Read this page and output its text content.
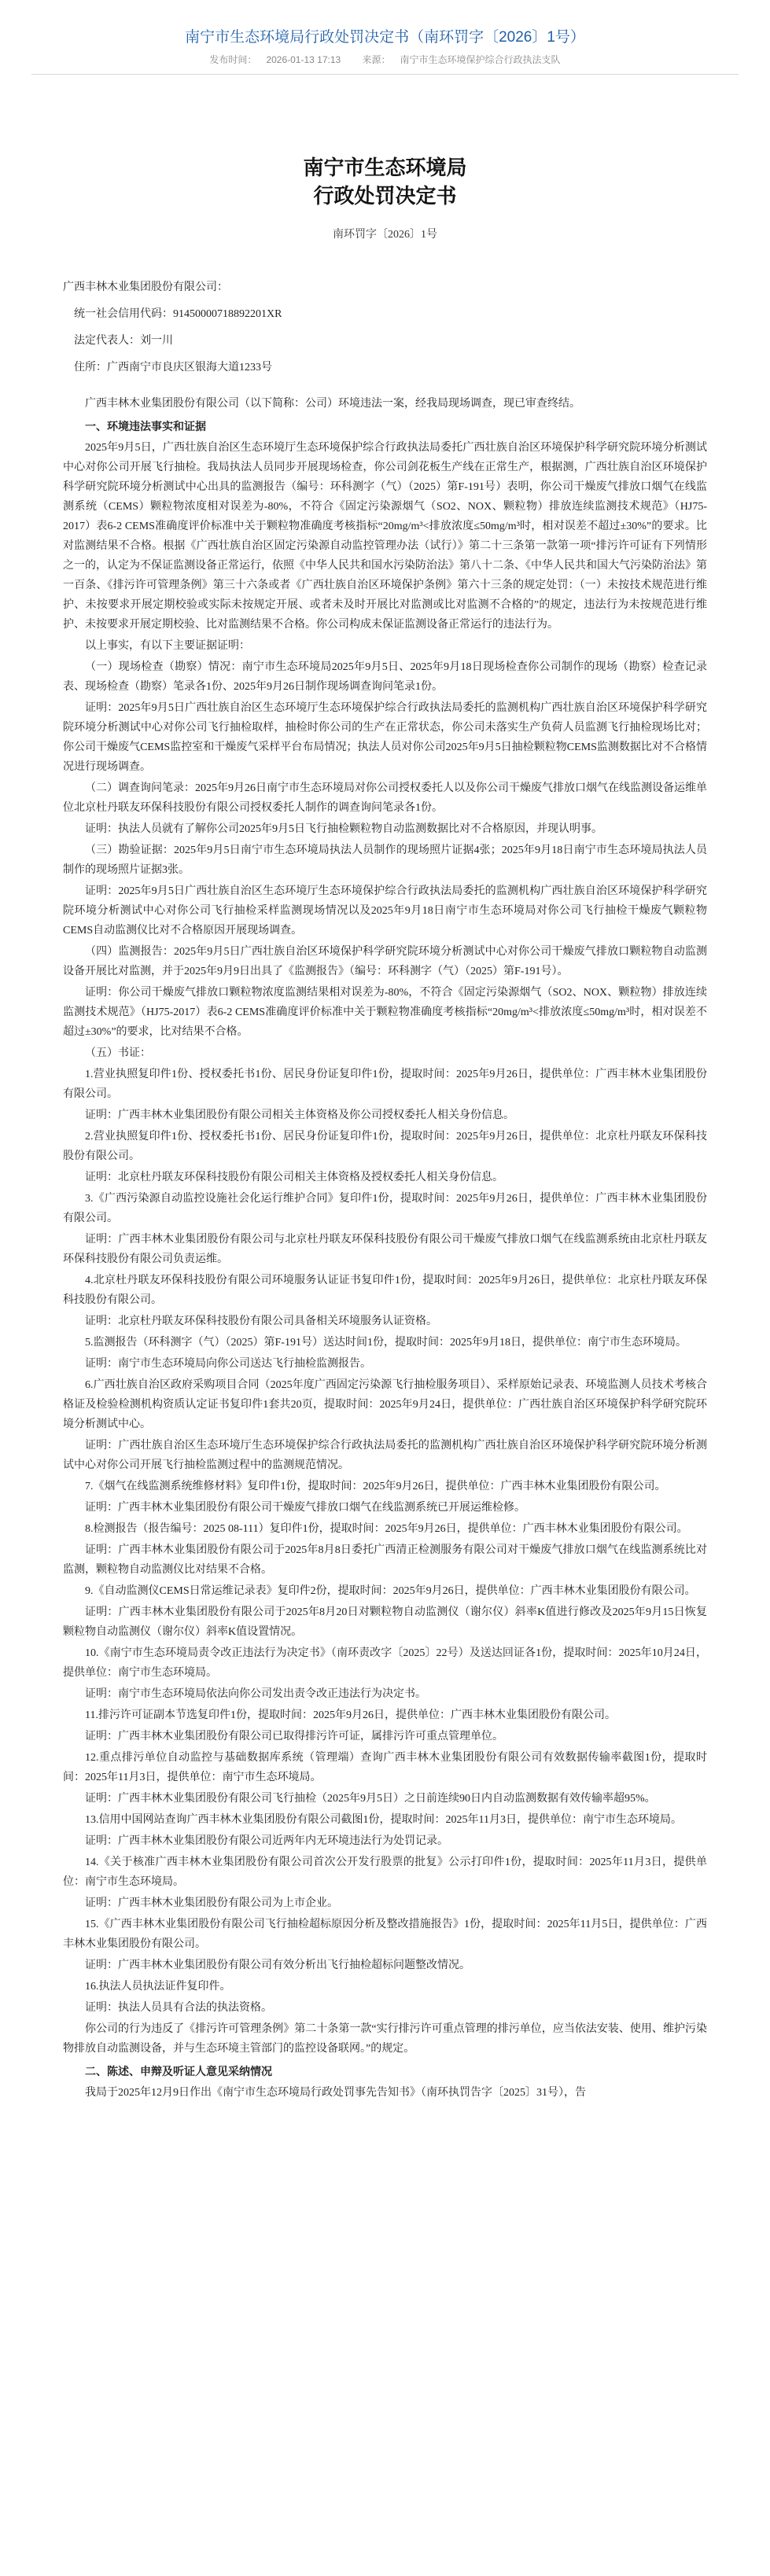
南宁市生态环境局行政处罚决定书（南环罚字〔2026〕1号）
发布时间： 2026-01-13 17:13 来源： 南宁市生态环境保护综合行政执法支队
南宁市生态环境局
行政处罚决定书
南环罚字〔2026〕1号

广西丰林木业集团股份有限公司：

统一社会信用代码：91450000718892201XR

法定代表人：刘一川

住所：广西南宁市良庆区银海大道1233号

广西丰林木业集团股份有限公司（以下简称：公司）环境违法一案，经我局现场调查，现已审查终结。

一、环境违法事实和证据

2025年9月5日，广西壮族自治区生态环境厅生态环境保护综合行政执法局委托广西壮族自治区环境保护科学研究院环境分析测试中心对你公司开展飞行抽检。我局执法人员同步开展现场检查，你公司剑花板生产线在正常生产，根据测，广西壮族自治区环境保护科学研究院环境分析测试中心出具的监测报告（编号：环科测字（气）（2025）第F-191号）表明，你公司干燥废气排放口烟气在线监测系统（CEMS）颗粒物浓度相对误差为-80%，不符合《固定污染源烟气（SO2、NOX、颗粒物）排放连续监测技术规范》（HJ75-2017）表6-2 CEMS准确度评价标准中关于颗粒物准确度考核指标“20mg/m³<排放浓度≤50mg/m³时，相对误差不超过±30%”的要求。比对监测结果不合格。根据《广西壮族自治区固定污染源自动监控管理办法（试行）》第二十三条第一款第一项“排污许可证有下列情形之一的，认定为不保证监测设备正常运行，依照《中华人民共和国水污染防治法》第八十二条、《中华人民共和国大气污染防治法》第一百条、《排污许可管理条例》第三十六条或者《广西壮族自治区环境保护条例》第六十三条的规定处罚：（一）未按技术规范进行维护、未按要求开展定期校验或实际未按规定开展、或者未及时开展比对监测或比对监测不合格的”的规定，违法行为未按规范进行维护、未按要求开展定期校验、比对监测结果不合格。你公司构成未保证监测设备正常运行的违法行为。

以上事实，有以下主要证据证明：

（一）现场检查（勘察）情况：南宁市生态环境局2025年9月5日、2025年9月18日现场检查你公司制作的现场（勘察）检查记录表、现场检查（勘察）笔录各1份、2025年9月26日制作现场调查询问笔录1份。

证明：2025年9月5日广西壮族自治区生态环境厅生态环境保护综合行政执法局委托的监测机构广西壮族自治区环境保护科学研究院环境分析测试中心对你公司飞行抽检取样，抽检时你公司的生产在正常状态，你公司未落实生产负荷人员监测飞行抽检现场比对；你公司干燥废气CEMS监控室和干燥废气采样平台布局情况；执法人员对你公司2025年9月5日抽检颗粒物CEMS监测数据比对不合格情况进行现场调查。

（二）调查询问笔录：2025年9月26日南宁市生态环境局对你公司授权委托人以及你公司干燥废气排放口烟气在线监测设备运维单位北京杜丹联友环保科技股份有限公司授权委托人制作的调查询问笔录各1份。

证明：执法人员就有了解你公司2025年9月5日飞行抽检颗粒物自动监测数据比对不合格原因，并现认明事。

（三）勘验证据：2025年9月5日南宁市生态环境局执法人员制作的现场照片证据4张；2025年9月18日南宁市生态环境局执法人员制作的现场照片证据3张。

证明：2025年9月5日广西壮族自治区生态环境厅生态环境保护综合行政执法局委托的监测机构广西壮族自治区环境保护科学研究院环境分析测试中心对你公司飞行抽检采样监测现场情况以及2025年9月18日南宁市生态环境局对你公司飞行抽检干燥废气颗粒物CEMS自动监测仪比对不合格原因开展现场调查。

（四）监测报告：2025年9月5日广西壮族自治区环境保护科学研究院环境分析测试中心对你公司干燥废气排放口颗粒物自动监测设备开展比对监测，并于2025年9月9日出具了《监测报告》（编号：环科测字（气）（2025）第F-191号）。

证明：你公司干燥废气排放口颗粒物浓度监测结果相对误差为-80%，不符合《固定污染源烟气（SO2、NOX、颗粒物）排放连续监测技术规范》（HJ75-2017）表6-2 CEMS准确度评价标准中关于颗粒物准确度考核指标“20mg/m³<排放浓度≤50mg/m³时，相对误差不超过±30%”的要求，比对结果不合格。

（五）书证：

1.营业执照复印件1份、授权委托书1份、居民身份证复印件1份，提取时间：2025年9月26日，提供单位：广西丰林木业集团股份有限公司。

证明：广西丰林木业集团股份有限公司相关主体资格及你公司授权委托人相关身份信息。

2.营业执照复印件1份、授权委托书1份、居民身份证复印件1份，提取时间：2025年9月26日，提供单位：北京杜丹联友环保科技股份有限公司。

证明：北京杜丹联友环保科技股份有限公司相关主体资格及授权委托人相关身份信息。

3.《广西污染源自动监控设施社会化运行维护合同》复印件1份，提取时间：2025年9月26日，提供单位：广西丰林木业集团股份有限公司。

证明：广西丰林木业集团股份有限公司与北京杜丹联友环保科技股份有限公司干燥废气排放口烟气在线监测系统由北京杜丹联友环保科技股份有限公司负责运维。

4.北京杜丹联友环保科技股份有限公司环境服务认证证书复印件1份，提取时间：2025年9月26日，提供单位：北京杜丹联友环保科技股份有限公司。

证明：北京杜丹联友环保科技股份有限公司具备相关环境服务认证资格。

5.监测报告（环科测字（气）（2025）第F-191号）送达时间1份，提取时间：2025年9月18日，提供单位：南宁市生态环境局。

证明：南宁市生态环境局向你公司送达飞行抽检监测报告。

6.广西壮族自治区政府采购项目合同（2025年度广西固定污染源飞行抽检服务项目）、采样原始记录表、环境监测人员技术考核合格证及检验检测机构资质认定证书复印件1套共20页，提取时间：2025年9月24日，提供单位：广西壮族自治区环境保护科学研究院环境分析测试中心。

证明：广西壮族自治区生态环境厅生态环境保护综合行政执法局委托的监测机构广西壮族自治区环境保护科学研究院环境分析测试中心对你公司开展飞行抽检监测过程中的监测规范情况。

7.《烟气在线监测系统维修材料》复印件1份，提取时间：2025年9月26日，提供单位：广西丰林木业集团股份有限公司。

证明：广西丰林木业集团股份有限公司干燥废气排放口烟气在线监测系统已开展运维检修。

8.检测报告（报告编号：2025 08-111）复印件1份，提取时间：2025年9月26日，提供单位：广西丰林木业集团股份有限公司。

证明：广西丰林木业集团股份有限公司于2025年8月8日委托广西清正检测服务有限公司对干燥废气排放口烟气在线监测系统比对监测，颗粒物自动监测仪比对结果不合格。

9.《自动监测仪CEMS日常运维记录表》复印件2份，提取时间：2025年9月26日，提供单位：广西丰林木业集团股份有限公司。

证明：广西丰林木业集团股份有限公司于2025年8月20日对颗粒物自动监测仪（谢尔仪）斜率K值进行修改及2025年9月15日恢复颗粒物自动监测仪（谢尔仪）斜率K值设置情况。

10.《南宁市生态环境局责令改正违法行为决定书》（南环责改字〔2025〕22号）及送达回证各1份，提取时间：2025年10月24日，提供单位：南宁市生态环境局。

证明：南宁市生态环境局依法向你公司发出责令改正违法行为决定书。

11.排污许可证副本节选复印件1份，提取时间：2025年9月26日，提供单位：广西丰林木业集团股份有限公司。

证明：广西丰林木业集团股份有限公司已取得排污许可证，属排污许可重点管理单位。

12.重点排污单位自动监控与基础数据库系统（管理端）查询广西丰林木业集团股份有限公司有效数据传输率截图1份，提取时间：2025年11月3日，提供单位：南宁市生态环境局。

证明：广西丰林木业集团股份有限公司飞行抽检（2025年9月5日）之日前连续90日内自动监测数据有效传输率超95%。

13.信用中国网站查询广西丰林木业集团股份有限公司截图1份，提取时间：2025年11月3日，提供单位：南宁市生态环境局。

证明：广西丰林木业集团股份有限公司近两年内无环境违法行为处罚记录。

14.《关于核准广西丰林木业集团股份有限公司首次公开发行股票的批复》公示打印件1份，提取时间：2025年11月3日，提供单位：南宁市生态环境局。

证明：广西丰林木业集团股份有限公司为上市企业。

15.《广西丰林木业集团股份有限公司飞行抽检超标原因分析及整改措施报告》1份，提取时间：2025年11月5日，提供单位：广西丰林木业集团股份有限公司。

证明：广西丰林木业集团股份有限公司有效分析出飞行抽检超标问题整改情况。

16.执法人员执法证件复印件。

证明：执法人员具有合法的执法资格。

你公司的行为违反了《排污许可管理条例》第二十条第一款“实行排污许可重点管理的排污单位，应当依法安装、使用、维护污染物排放自动监测设备，并与生态环境主管部门的监控设备联网。”的规定。

二、陈述、申辩及听证人意见采纳情况

我局于2025年12月9日作出《南宁市生态环境局行政处罚事先告知书》（南环执罚告字〔2025〕31号），告
